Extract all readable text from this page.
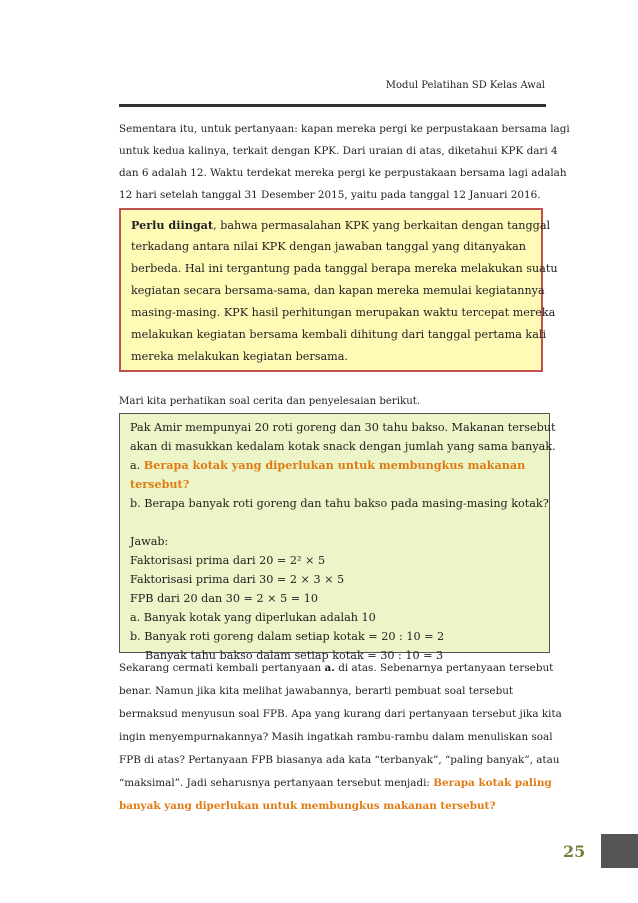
Modul Pelatihan SD Kelas Awal
Sementara itu, untuk pertanyaan: kapan mereka pergi ke perpustakaan bersama lagi
untuk kedua kalinya, terkait dengan KPK. Dari uraian di atas, diketahui KPK dari 4
dan 6 adalah 12. Waktu terdekat mereka pergi ke perpustakaan bersama lagi adalah
12 hari setelah tanggal 31 Desember 2015, yaitu pada tanggal 12 Januari 2016.
Perlu diingat, bahwa permasalahan KPK yang berkaitan dengan tanggal
terkadang antara nilai KPK dengan jawaban tanggal yang ditanyakan
berbeda. Hal ini tergantung pada tanggal berapa mereka melakukan suatu
kegiatan secara bersama-sama, dan kapan mereka memulai kegiatannya
masing-masing. KPK hasil perhitungan merupakan waktu tercepat mereka
melakukan kegiatan bersama kembali dihitung dari tanggal pertama kali
mereka melakukan kegiatan bersama.
Mari kita perhatikan soal cerita dan penyelesaian berikut.
Pak Amir mempunyai 20 roti goreng dan 30 tahu bakso. Makanan tersebut
akan di masukkan kedalam kotak snack dengan jumlah yang sama banyak.
a. Berapa kotak yang diperlukan untuk membungkus makanan
tersebut?
b. Berapa banyak roti goreng dan tahu bakso pada masing-masing kotak?
Jawab:
Faktorisasi prima dari 20 = 2² × 5
Faktorisasi prima dari 30 = 2 × 3 × 5
FPB dari 20 dan 30 = 2 × 5 = 10
a. Banyak kotak yang diperlukan adalah 10
b. Banyak roti goreng dalam setiap kotak = 20 : 10 = 2
Banyak tahu bakso dalam setiap kotak = 30 : 10 = 3
Sekarang cermati kembali pertanyaan a. di atas. Sebenarnya pertanyaan tersebut
benar. Namun jika kita melihat jawabannya, berarti pembuat soal tersebut
bermaksud menyusun soal FPB. Apa yang kurang dari pertanyaan tersebut jika kita
ingin menyempurnakannya? Masih ingatkah rambu-rambu dalam menuliskan soal
FPB di atas? Pertanyaan FPB biasanya ada kata “terbanyak”, “paling banyak”, atau
“maksimal”. Jadi seharusnya pertanyaan tersebut menjadi: Berapa kotak paling
banyak yang diperlukan untuk membungkus makanan tersebut?
25
